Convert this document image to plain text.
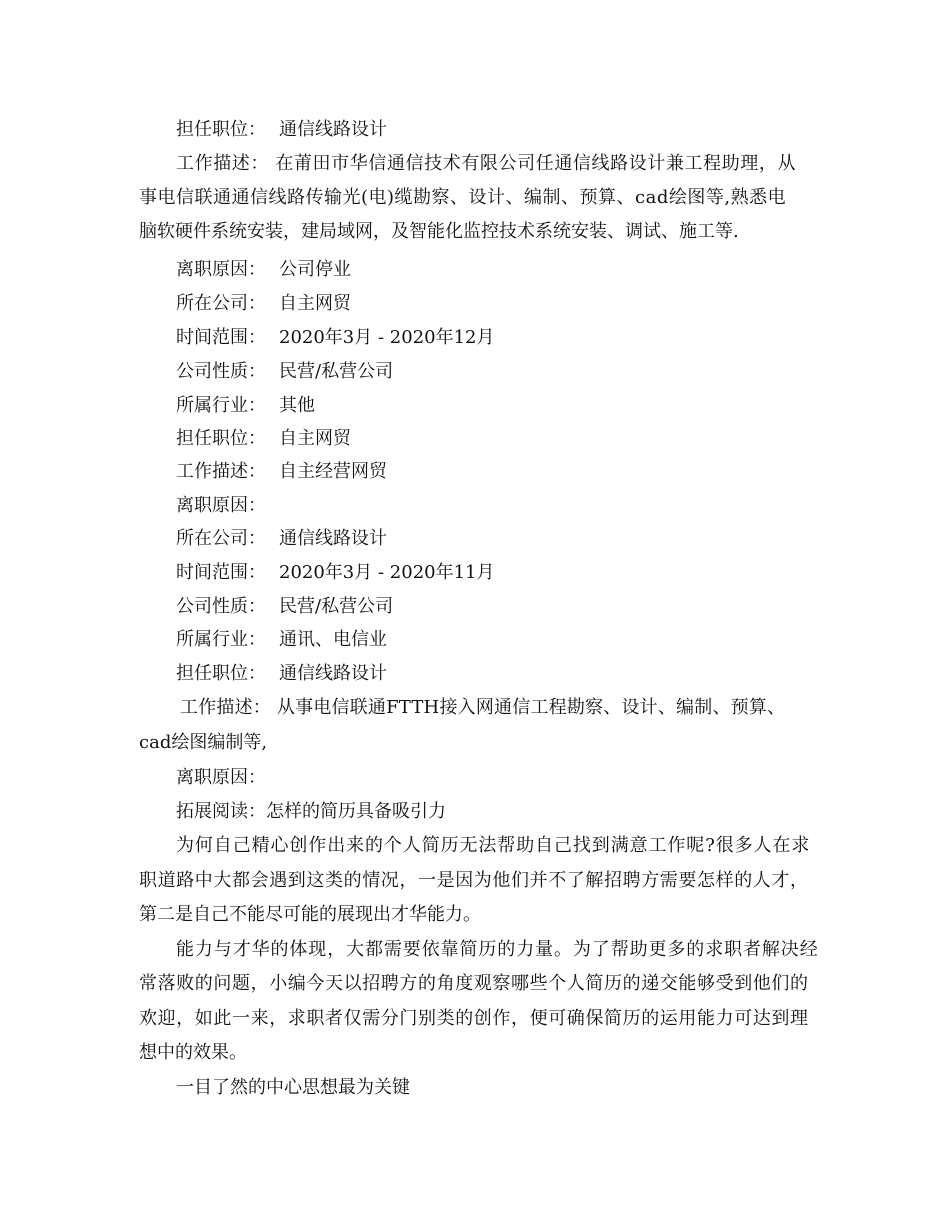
担任职位： 通信线路设计
工作描述： 在莆田市华信通信技术有限公司任通信线路设计兼工程助理，从
事电信联通通信线路传输光(电)缆勘察、设计、编制、预算、cad绘图等,熟悉电
脑软硬件系统安装，建局域网，及智能化监控技术系统安装、调试、施工等.
离职原因： 公司停业
所在公司： 自主网贸
时间范围： 2020年3月 - 2020年12月
公司性质： 民营/私营公司
所属行业： 其他
担任职位： 自主网贸
工作描述： 自主经营网贸
离职原因：
所在公司： 通信线路设计
时间范围： 2020年3月 - 2020年11月
公司性质： 民营/私营公司
所属行业： 通讯、电信业
担任职位： 通信线路设计
工作描述： 从事电信联通FTTH接入网通信工程勘察、设计、编制、预算、
cad绘图编制等,
离职原因：
拓展阅读：怎样的简历具备吸引力
为何自己精心创作出来的个人简历无法帮助自己找到满意工作呢?很多人在求
职道路中大都会遇到这类的情况，一是因为他们并不了解招聘方需要怎样的人才，
第二是自己不能尽可能的展现出才华能力。
能力与才华的体现，大都需要依靠简历的力量。为了帮助更多的求职者解决经
常落败的问题，小编今天以招聘方的角度观察哪些个人简历的递交能够受到他们的
欢迎，如此一来，求职者仅需分门别类的创作，便可确保简历的运用能力可达到理
想中的效果。
一目了然的中心思想最为关键
